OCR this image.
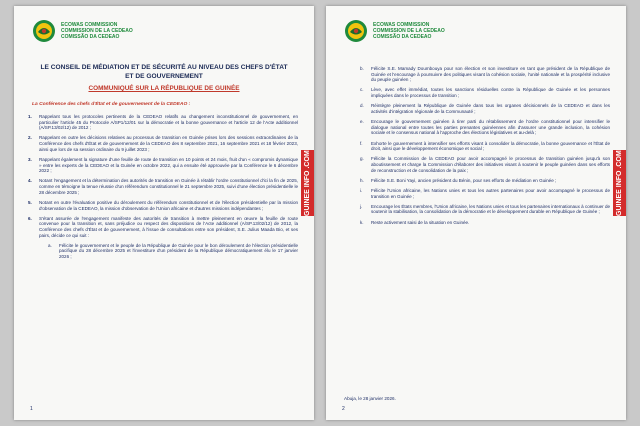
ECOWAS COMMISSION
COMMISSION DE LA CEDEAO
COMISSÃO DA CEDEAO
LE CONSEIL DE MÉDIATION ET DE SÉCURITÉ AU NIVEAU DES CHEFS D'ÉTAT
ET DE GOUVERNEMENT
COMMUNIQUÉ SUR LA RÉPUBLIQUE DE GUINÉE
La Conférence des chefs d'État et de gouvernement de la CEDEAO :
1.	Rappelant tous les protocoles pertinents de la CEDEAO relatifs au changement inconstitutionnel de gouvernement, en particulier l'article 45 du Protocole A/SP1/12/01 sur la démocratie et la bonne gouvernance et l'article 12 de l'Acte additionnel (A/SP.13/02/12) de 2012 ;
2.	Rappelant en outre les décisions relatives au processus de transition en Guinée prises lors des sessions extraordinaires de la Conférence des chefs d'État et de gouvernement de la CEDEAO des 8 septembre 2021, 16 septembre 2021 et 18 février 2023, ainsi que lors de sa session ordinaire du 9 juillet 2023 ;
3.	Rappelant également la signature d'une feuille de route de transition en 10 points et 24 mois, fruit d'un « compromis dynamique » entre les experts de la CEDEAO et la Guinée en octobre 2022, qui a ensuite été approuvée par la Conférence le 6 décembre 2022 ;
4.	Notant l'engagement et la détermination des autorités de transition en Guinée à rétablir l'ordre constitutionnel d'ici la fin de 2025, comme en témoigne la tenue réussie d'un référendum constitutionnel le 21 septembre 2025, suivi d'une élection présidentielle le 28 décembre 2025 ;
5.	Notant en outre l'évaluation positive du déroulement du référendum constitutionnel et de l'élection présidentielle par la mission d'observation de la CEDEAO, la mission d'observation de l'Union africaine et d'autres missions indépendantes ;
6.	S'étant assurée de l'engagement manifeste des autorités de transition à mettre pleinement en œuvre la feuille de route convenue pour la transition et, sans préjudice ou respect des dispositions de l'Acte additionnel (A/SP.13/02/12) de 2012, la Conférence des chefs d'État et de gouvernement, à l'issue de consultations entre son président, S.E. Julius Maada Bio, et ses pairs, décide ce qui suit :
a.	Félicite le gouvernement et le peuple de la République de Guinée pour le bon déroulement de l'élection présidentielle pacifique du 28 décembre 2025 et l'investiture d'un président de la République démocratiquement élu le 17 janvier 2026 ;
1
GUINEE INFO .COM
ECOWAS COMMISSION
COMMISSION DE LA CEDEAO
COMISSÃO DA CEDEAO
b.	Félicite S.E. Mamady Doumbouya pour son élection et son investiture en tant que président de la République de Guinée et l'encourage à poursuivre des politiques visant la cohésion sociale, l'unité nationale et la prospérité inclusive du peuple guinéen ;
c.	Lève, avec effet immédiat, toutes les sanctions résiduelles contre la République de Guinée et les personnes impliquées dans le processus de transition ;
d.	Réintègre pleinement la République de Guinée dans tous les organes décisionnels de la CEDEAO et dans les activités d'intégration régionale de la Communauté ;
e.	Encourage le gouvernement guinéen à tirer parti du rétablissement de l'ordre constitutionnel pour intensifier le dialogue national entre toutes les parties prenantes guinéennes afin d'assurer une grande inclusion, la cohésion sociale et le consensus national à l'approche des élections législatives et au-delà ;
f.	Exhorte le gouvernement à intensifier ses efforts visant à consolider la démocratie, la bonne gouvernance et l'État de droit, ainsi que le développement économique et social ;
g.	Félicite la Commission de la CEDEAO pour avoir accompagné le processus de transition guinéen jusqu'à son aboutissement et charge la Commission d'élaborer des initiatives visant à soutenir le peuple guinéen dans ses efforts de reconstruction et de consolidation de la paix ;
h.	Félicite S.E. Boni Yayi, ancien président du Bénin, pour ses efforts de médiation en Guinée ;
i.	Félicite l'Union africaine, les Nations unies et tous les autres partenaires pour avoir accompagné le processus de transition en Guinée ;
j.	Encourage les États membres, l'Union africaine, les Nations unies et tous les partenaires internationaux à continuer de soutenir la stabilisation, la consolidation de la démocratie et le développement durable en République de Guinée ;
k.	Reste activement saisi de la situation en Guinée.
Abuja, le 28 janvier 2026.
2
GUINEE INFO .COM
